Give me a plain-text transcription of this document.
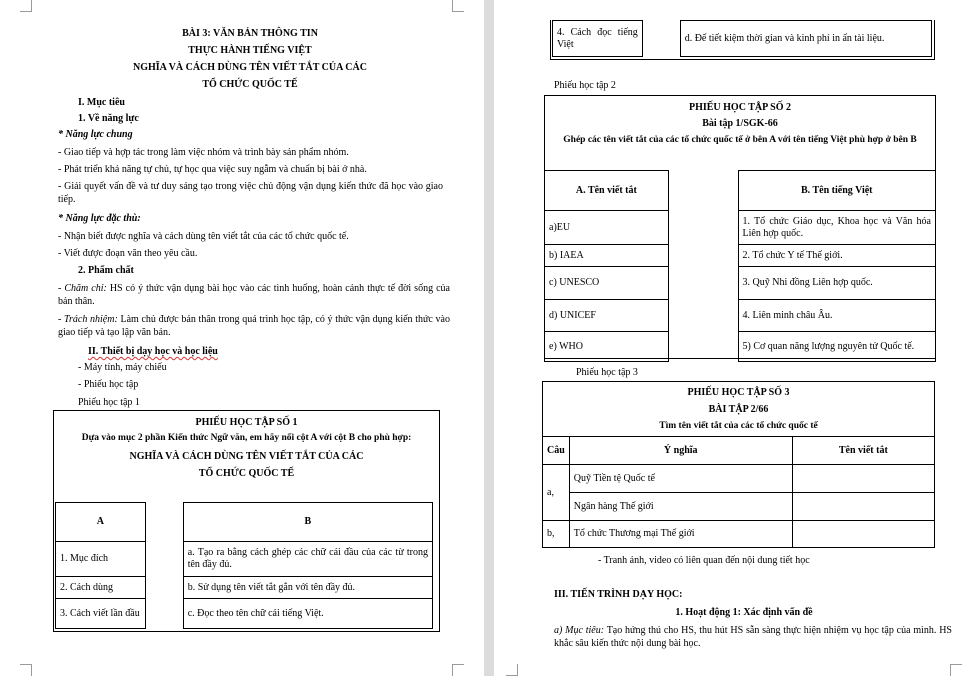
BÀI 3: VĂN BẢN THÔNG TIN
THỰC HÀNH TIẾNG VIỆT
NGHĨA VÀ CÁCH DÙNG TÊN VIẾT TẮT CỦA CÁC
TỔ CHỨC QUỐC TẾ
I. Mục tiêu
1. Về năng lực
* Năng lực chung
- Giao tiếp và hợp tác trong làm việc nhóm và trình bày sản phẩm nhóm.
- Phát triển khả năng tự chủ, tự học qua việc suy ngẫm và chuẩn bị bài ở nhà.
- Giải quyết vấn đề và tư duy sáng tạo trong việc chủ động vận dụng kiến thức đã học vào giao tiếp.
* Năng lực đặc thù:
- Nhận biết được nghĩa và cách dùng tên viết tắt của các tổ chức quốc tế.
- Viết được đoạn văn theo yêu cầu.
2. Phẩm chất
- Chăm chỉ: HS có ý thức vận dụng bài học vào các tình huống, hoàn cảnh thực tế đời sống của bản thân.
- Trách nhiệm: Làm chủ được bản thân trong quá trình học tập, có ý thức vận dụng kiến thức vào giao tiếp và tạo lập văn bản.
II. Thiết bị dạy học và học liệu
- Máy tính, máy chiếu
- Phiếu học tập
Phiếu học tập 1
PHIẾU HỌC TẬP SỐ 1
Dựa vào mục 2 phần Kiến thức Ngữ văn, em hãy nối cột A với cột B cho phù hợp:
NGHĨA VÀ CÁCH DÙNG TÊN VIẾT TẮT CỦA CÁC
TỔ CHỨC QUỐC TẾ
A		B
1. Mục đích		a. Tạo ra bằng cách ghép các chữ cái đầu của các từ trong tên đầy đủ.
2. Cách dùng		b. Sử dụng tên viết tắt gắn với tên đầy đủ.
3. Cách viết lần đầu		c. Đọc theo tên chữ cái tiếng Việt.
4. Cách đọc tiếng Việt		d. Để tiết kiệm thời gian và kinh phí in ấn tài liệu.
Phiếu học tập 2
PHIẾU HỌC TẬP SỐ 2
Bài tập 1/SGK-66
Ghép các tên viết tắt của các tổ chức quốc tế ở bên A với tên tiếng Việt phù hợp ở bên B
A. Tên viết tắt		B. Tên tiếng Việt
a)EU		1. Tổ chức Giáo dục, Khoa học và Văn hóa Liên hợp quốc.
b) IAEA		2. Tổ chức Y tế Thế giới.
c) UNESCO		3. Quỹ Nhi đồng Liên hợp quốc.
d) UNICEF		4. Liên minh châu Âu.
e) WHO		5) Cơ quan năng lượng nguyên tử Quốc tế.
Phiếu học tập 3
PHIẾU HỌC TẬP SỐ 3
BÀI TẬP 2/66
Tìm tên viết tắt của các tổ chức quốc tế
Câu	Ý nghĩa	Tên viết tắt
a,	Quỹ Tiền tệ Quốc tế	
	Ngân hàng Thế giới	
b,	Tổ chức Thương mại Thế giới	
- Tranh ảnh, video có liên quan đến nội dung tiết học
III. TIẾN TRÌNH DẠY HỌC:
1. Hoạt động 1: Xác định vấn đề
a) Mục tiêu: Tạo hứng thú cho HS, thu hút HS sẵn sàng thực hiện nhiệm vụ học tập của mình. HS khắc sâu kiến thức nội dung bài học.
